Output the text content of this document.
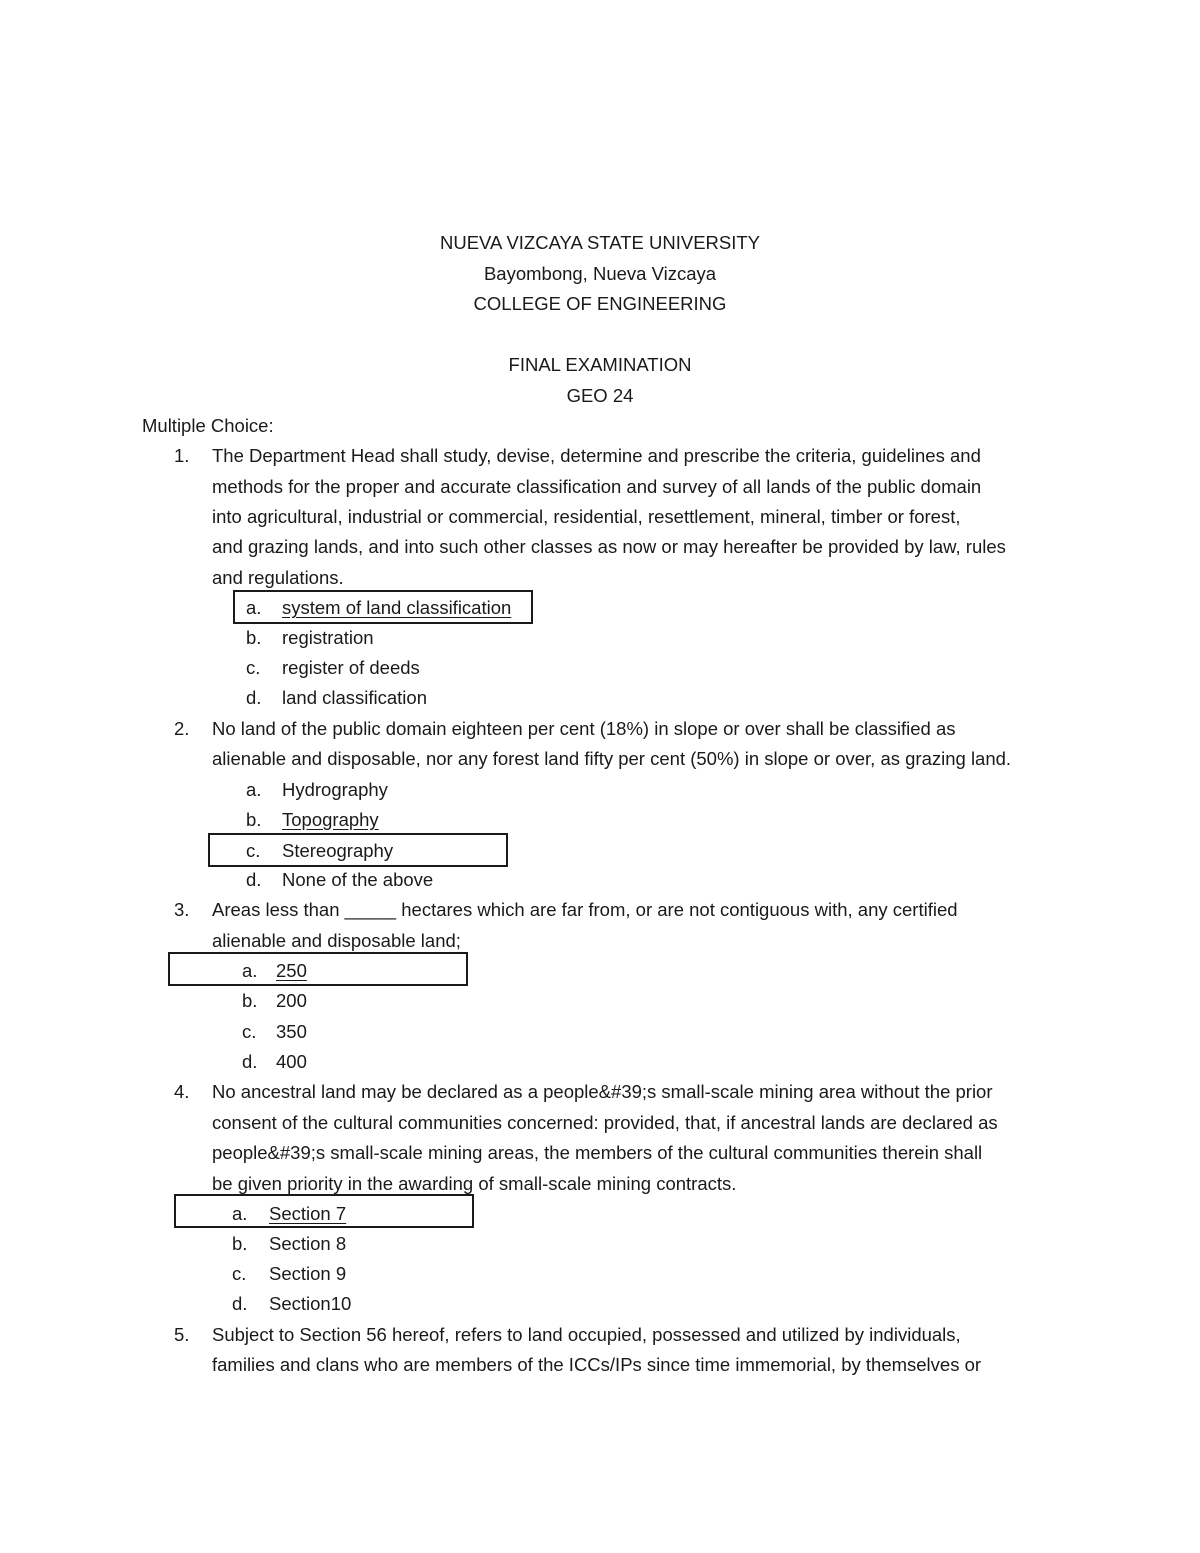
NUEVA VIZCAYA STATE UNIVERSITY
Bayombong, Nueva Vizcaya
COLLEGE OF ENGINEERING
FINAL EXAMINATION
GEO 24
Multiple Choice:
1. The Department Head shall study, devise, determine and prescribe the criteria, guidelines and
methods for the proper and accurate classification and survey of all lands of the public domain
into agricultural, industrial or commercial, residential, resettlement, mineral, timber or forest,
and grazing lands, and into such other classes as now or may hereafter be provided by law, rules
and regulations.
a. system of land classification
b. registration
c. register of deeds
d. land classification
2. No land of the public domain eighteen per cent (18%) in slope or over shall be classified as
alienable and disposable, nor any forest land fifty per cent (50%) in slope or over, as grazing land.
a. Hydrography
b. Topography
c. Stereography
d. None of the above
3. Areas less than _____ hectares which are far from, or are not contiguous with, any certified
alienable and disposable land;
a. 250
b. 200
c. 350
d. 400
4. No ancestral land may be declared as a people&#39;s small-scale mining area without the prior
consent of the cultural communities concerned: provided, that, if ancestral lands are declared as
people&#39;s small-scale mining areas, the members of the cultural communities therein shall
be given priority in the awarding of small-scale mining contracts.
a. Section 7
b. Section 8
c. Section 9
d. Section10
5. Subject to Section 56 hereof, refers to land occupied, possessed and utilized by individuals,
families and clans who are members of the ICCs/IPs since time immemorial, by themselves or
